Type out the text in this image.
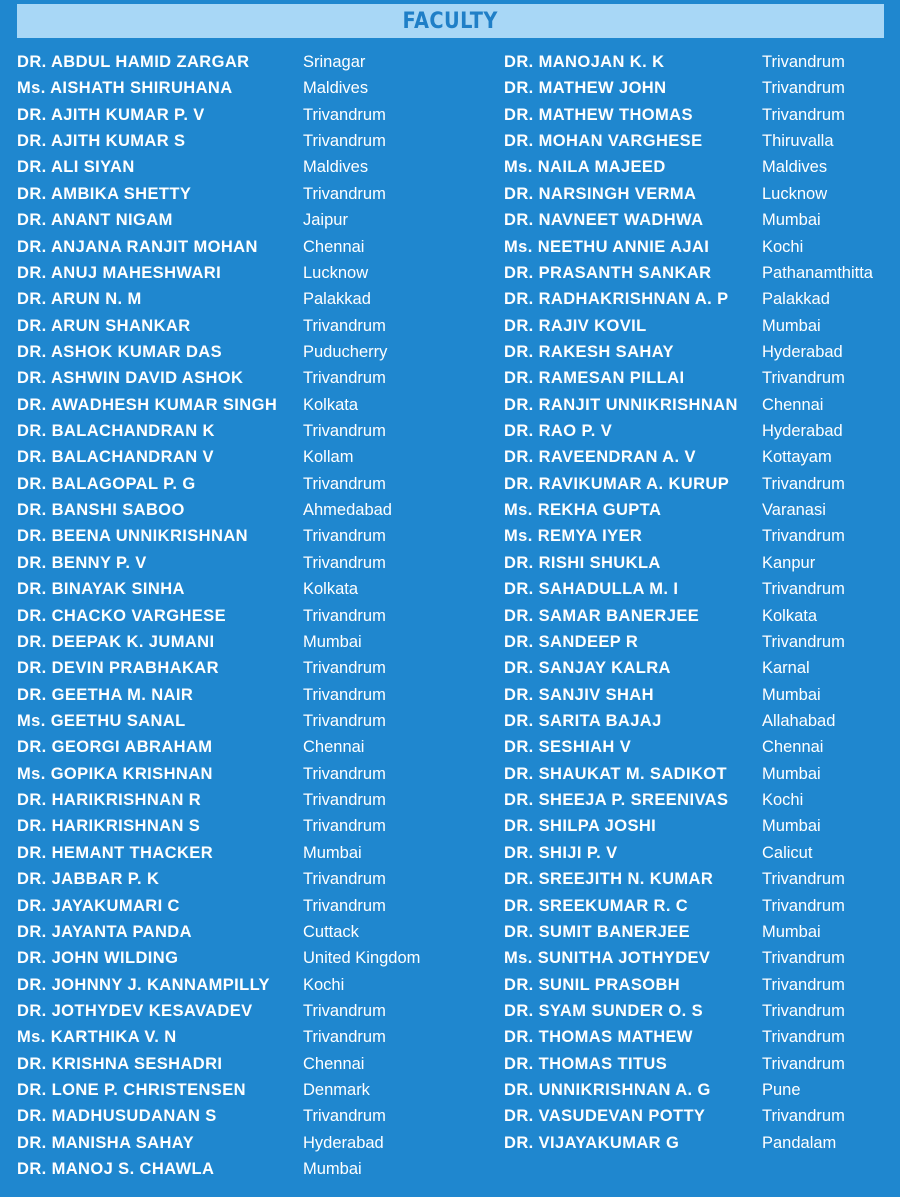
FACULTY
DR. ABDUL HAMID ZARGAR	Srinagar
Ms. AISHATH SHIRUHANA	Maldives
DR. AJITH KUMAR P. V	Trivandrum
DR. AJITH KUMAR S	Trivandrum
DR. ALI SIYAN	Maldives
DR. AMBIKA SHETTY	Trivandrum
DR. ANANT NIGAM	Jaipur
DR. ANJANA RANJIT MOHAN	Chennai
DR. ANUJ MAHESHWARI	Lucknow
DR. ARUN N. M	Palakkad
DR. ARUN SHANKAR	Trivandrum
DR. ASHOK KUMAR DAS	Puducherry
DR. ASHWIN DAVID ASHOK	Trivandrum
DR. AWADHESH KUMAR SINGH Kolkata
DR. BALACHANDRAN K	Trivandrum
DR. BALACHANDRAN V	Kollam
DR. BALAGOPAL P. G	Trivandrum
DR. BANSHI SABOO	Ahmedabad
DR. BEENA UNNIKRISHNAN	Trivandrum
DR. BENNY P. V	Trivandrum
DR. BINAYAK SINHA	Kolkata
DR. CHACKO VARGHESE	Trivandrum
DR. DEEPAK K. JUMANI	Mumbai
DR. DEVIN PRABHAKAR	Trivandrum
DR. GEETHA M. NAIR	Trivandrum
Ms. GEETHU SANAL	Trivandrum
DR. GEORGI ABRAHAM	Chennai
Ms. GOPIKA KRISHNAN	Trivandrum
DR. HARIKRISHNAN R	Trivandrum
DR. HARIKRISHNAN S	Trivandrum
DR. HEMANT THACKER	Mumbai
DR. JABBAR P. K	Trivandrum
DR. JAYAKUMARI C	Trivandrum
DR. JAYANTA PANDA	Cuttack
DR. JOHN WILDING	United Kingdom
DR. JOHNNY J. KANNAMPILLY Kochi
DR. JOTHYDEV KESAVADEV	Trivandrum
Ms. KARTHIKA V. N	Trivandrum
DR. KRISHNA SESHADRI	Chennai
DR. LONE P. CHRISTENSEN	Denmark
DR. MADHUSUDANAN S	Trivandrum
DR. MANISHA SAHAY	Hyderabad
DR. MANOJ S. CHAWLA	Mumbai
DR. MANOJAN K. K	Trivandrum
DR. MATHEW JOHN	Trivandrum
DR. MATHEW THOMAS	Trivandrum
DR. MOHAN VARGHESE	Thiruvalla
Ms. NAILA MAJEED	Maldives
DR. NARSINGH VERMA	Lucknow
DR. NAVNEET WADHWA	Mumbai
Ms. NEETHU ANNIE AJAI	Kochi
DR. PRASANTH SANKAR	Pathanamthitta
DR. RADHAKRISHNAN A. P Palakkad
DR. RAJIV KOVIL	Mumbai
DR. RAKESH SAHAY	Hyderabad
DR. RAMESAN PILLAI	Trivandrum
DR. RANJIT UNNIKRISHNAN Chennai
DR. RAO P. V	Hyderabad
DR. RAVEENDRAN A. V	Kottayam
DR. RAVIKUMAR A. KURUP Trivandrum
Ms. REKHA GUPTA	Varanasi
Ms. REMYA IYER	Trivandrum
DR. RISHI SHUKLA	Kanpur
DR. SAHADULLA M. I	Trivandrum
DR. SAMAR BANERJEE	Kolkata
DR. SANDEEP R	Trivandrum
DR. SANJAY KALRA	Karnal
DR. SANJIV SHAH	Mumbai
DR. SARITA BAJAJ	Allahabad
DR. SESHIAH V	Chennai
DR. SHAUKAT M. SADIKOT Mumbai
DR. SHEEJA P. SREENIVAS Kochi
DR. SHILPA JOSHI	Mumbai
DR. SHIJI P. V	Calicut
DR. SREEJITH N. KUMAR	Trivandrum
DR. SREEKUMAR R. C	Trivandrum
DR. SUMIT BANERJEE	Mumbai
Ms. SUNITHA JOTHYDEV	Trivandrum
DR. SUNIL PRASOBH	Trivandrum
DR. SYAM SUNDER O. S	Trivandrum
DR. THOMAS MATHEW	Trivandrum
DR. THOMAS TITUS	Trivandrum
DR. UNNIKRISHNAN A. G	Pune
DR. VASUDEVAN POTTY	Trivandrum
DR. VIJAYAKUMAR G	Pandalam
